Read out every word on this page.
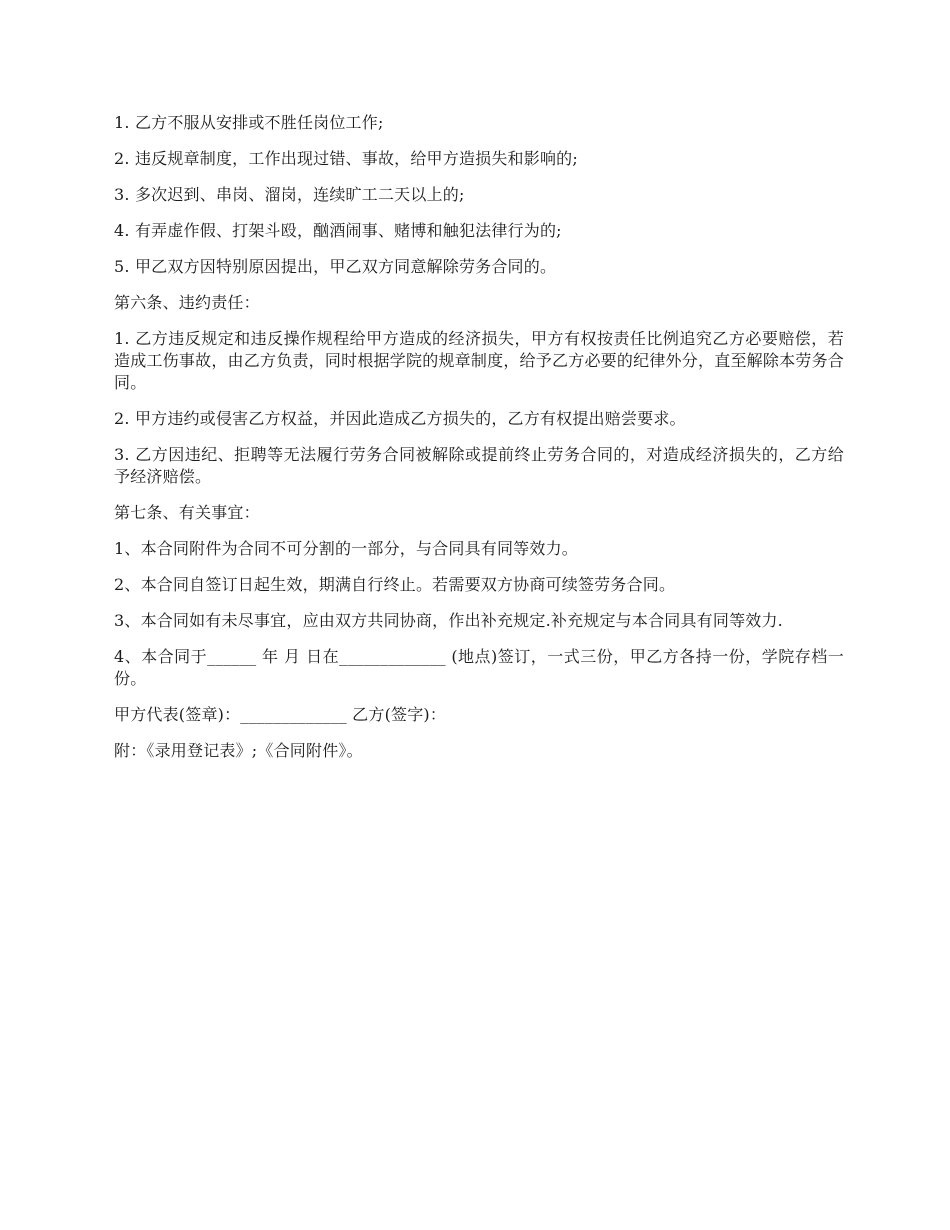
1. 乙方不服从安排或不胜任岗位工作;

2. 违反规章制度，工作出现过错、事故，给甲方造损失和影响的;

3. 多次迟到、串岗、溜岗，连续旷工二天以上的;

4. 有弄虚作假、打架斗殴，酗酒闹事、赌博和触犯法律行为的;

5. 甲乙双方因特别原因提出，甲乙双方同意解除劳务合同的。

第六条、违约责任：

1. 乙方违反规定和违反操作规程给甲方造成的经济损失，甲方有权按责任比例追究乙方必要赔偿，若造成工伤事故，由乙方负责，同时根据学院的规章制度，给予乙方必要的纪律外分，直至解除本劳务合同。

2. 甲方违约或侵害乙方权益，并因此造成乙方损失的，乙方有权提出赔尝要求。

3. 乙方因违纪、拒聘等无法履行劳务合同被解除或提前终止劳务合同的，对造成经济损失的，乙方给予经济赔偿。

第七条、有关事宜：

1、本合同附件为合同不可分割的一部分，与合同具有同等效力。

2、本合同自签订日起生效，期满自行终止。若需要双方协商可续签劳务合同。

3、本合同如有未尽事宜，应由双方共同协商，作出补充规定.补充规定与本合同具有同等效力.

4、本合同于______ 年 月 日在_____________ (地点)签订，一式三份，甲乙方各持一份，学院存档一份。

甲方代表(签章)：_____________ 乙方(签字)：

附：《录用登记表》;《合同附件》。
